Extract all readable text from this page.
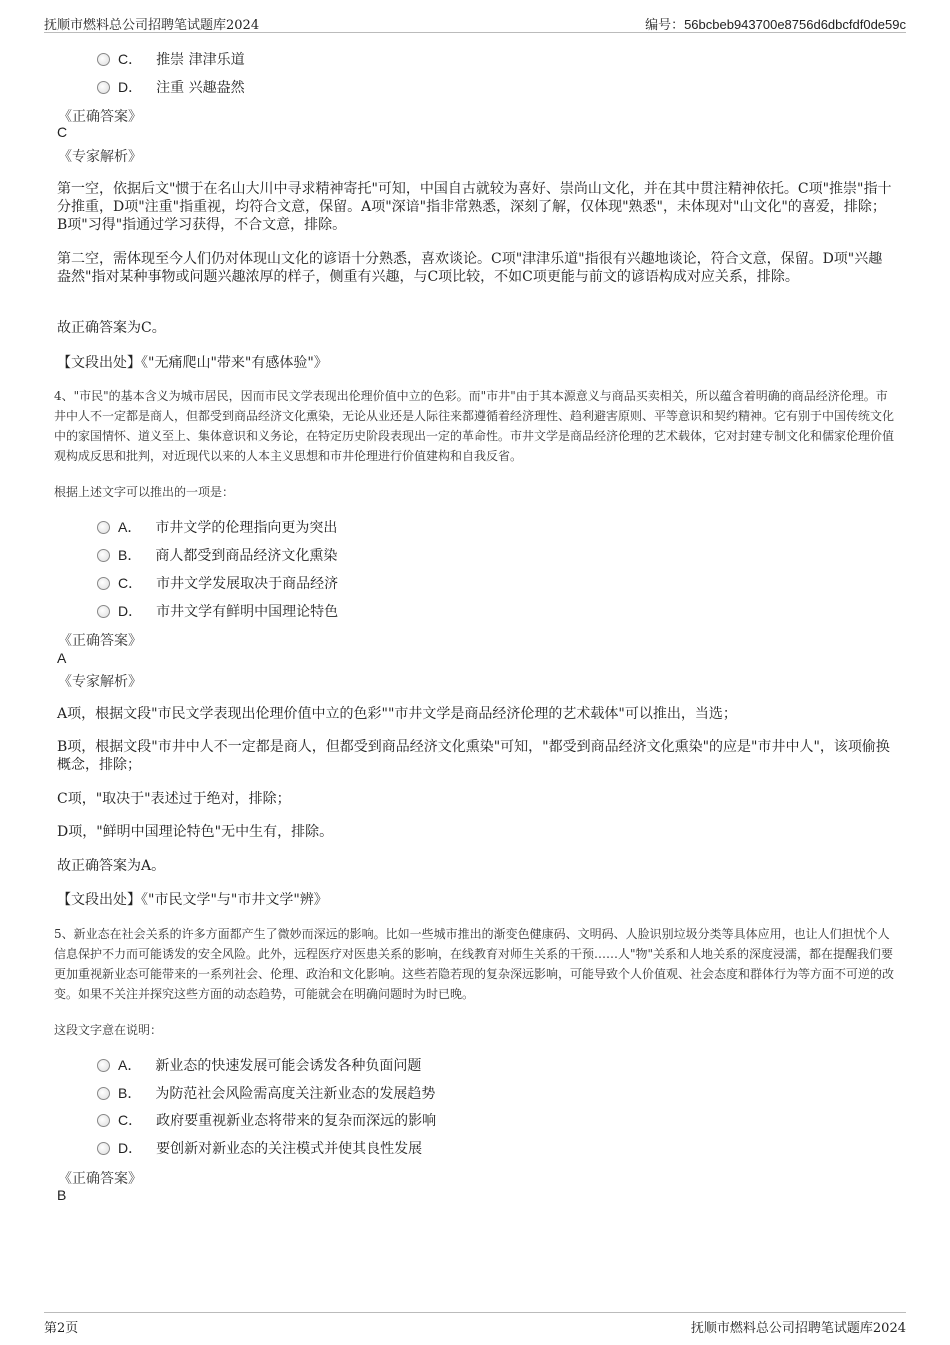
抚顺市燃料总公司招聘笔试题库2024	编号：56bcbeb943700e8756d6dbcfdf0de59c
C． 推崇 津津乐道
D． 注重 兴趣盎然
《正确答案》
C
《专家解析》
第一空，依据后文"惯于在名山大川中寻求精神寄托"可知，中国自古就较为喜好、崇尚山文化，并在其中贯注精神依托。C项"推崇"指十分推重，D项"注重"指重视，均符合文意，保留。A项"深谙"指非常熟悉，深刻了解，仅体现"熟悉"，未体现对"山文化"的喜爱，排除；B项"习得"指通过学习获得，不合文意，排除。
第二空，需体现至今人们仍对体现山文化的谚语十分熟悉，喜欢谈论。C项"津津乐道"指很有兴趣地谈论，符合文意，保留。D项"兴趣盎然"指对某种事物或问题兴趣浓厚的样子，侧重有兴趣，与C项比较，不如C项更能与前文的谚语构成对应关系，排除。
故正确答案为C。
【文段出处】《"无痛爬山"带来"有感体验"》
4、"市民"的基本含义为城市居民，因而市民文学表现出伦理价值中立的色彩。而"市井"由于其本源意义与商品买卖相关，所以蕴含着明确的商品经济伦理。市井中人不一定都是商人，但都受到商品经济文化熏染，无论从业还是人际往来都遵循着经济理性、趋利避害原则、平等意识和契约精神。它有别于中国传统文化中的家国情怀、道义至上、集体意识和义务论，在特定历史阶段表现出一定的革命性。市井文学是商品经济伦理的艺术载体，它对封建专制文化和儒家伦理价值观构成反思和批判，对近现代以来的人本主义思想和市井伦理进行价值建构和自我反省。
根据上述文字可以推出的一项是：
A． 市井文学的伦理指向更为突出
B． 商人都受到商品经济文化熏染
C． 市井文学发展取决于商品经济
D． 市井文学有鲜明中国理论特色
《正确答案》
A
《专家解析》
A项，根据文段"市民文学表现出伦理价值中立的色彩""市井文学是商品经济伦理的艺术载体"可以推出，当选；
B项，根据文段"市井中人不一定都是商人，但都受到商品经济文化熏染"可知，"都受到商品经济文化熏染"的应是"市井中人"，该项偷换概念，排除；
C项，"取决于"表述过于绝对，排除；
D项，"鲜明中国理论特色"无中生有，排除。
故正确答案为A。
【文段出处】《"市民文学"与"市井文学"辨》
5、新业态在社会关系的许多方面都产生了微妙而深远的影响。比如一些城市推出的渐变色健康码、文明码、人脸识别垃圾分类等具体应用，也让人们担忧个人信息保护不力而可能诱发的安全风险。此外，远程医疗对医患关系的影响，在线教育对师生关系的干预……人"物"关系和人地关系的深度浸濡，都在提醒我们要更加重视新业态可能带来的一系列社会、伦理、政治和文化影响。这些若隐若现的复杂深远影响，可能导致个人价值观、社会态度和群体行为等方面不可逆的改变。如果不关注并探究这些方面的动态趋势，可能就会在明确问题时为时已晚。
这段文字意在说明：
A． 新业态的快速发展可能会诱发各种负面问题
B． 为防范社会风险需高度关注新业态的发展趋势
C． 政府要重视新业态将带来的复杂而深远的影响
D． 要创新对新业态的关注模式并使其良性发展
《正确答案》
B
第2页	抚顺市燃料总公司招聘笔试题库2024
